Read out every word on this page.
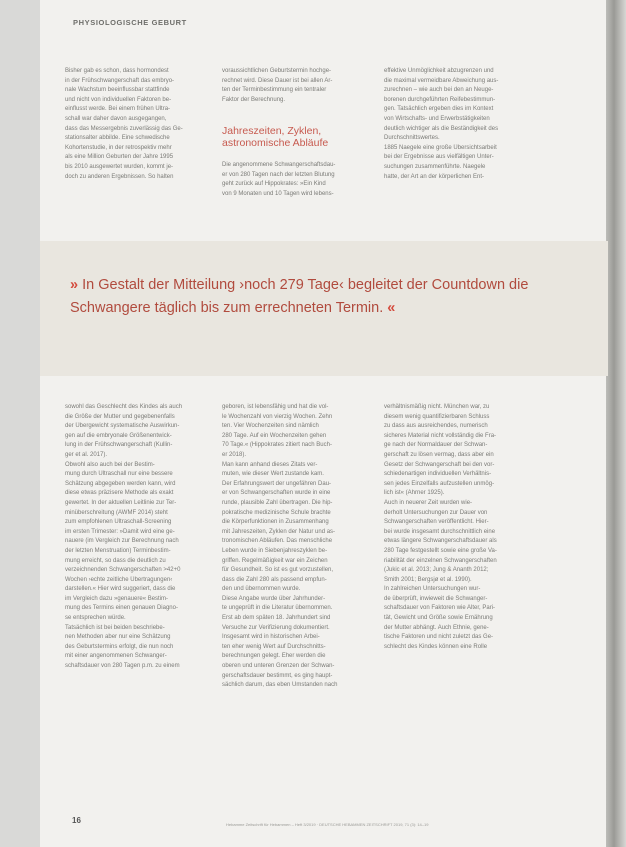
PHYSIOLOGISCHE GEBURT
Bisher gab es schon, dass hormondest
in der Frühschwangerschaft das embryo-
nale Wachstum beeinflussbar stattfinde
und nicht von individuellen Faktoren be-
einflusst werde. Bei einem frühen Ultra-
schall war daher davon ausgegangen,
dass das Messergebnis zuverlässig das Ge-
stationsalter abbilde. Eine schwedische
Kohortenstudie, in der retrospektiv mehr
als eine Million Geburten der Jahre 1995
bis 2010 ausgewertet wurden, kommt je-
doch zu anderen Ergebnissen. So halten
voraussichtlichen Geburtstermin hochge-
rechnet wird. Diese Dauer ist bei allen Ar-
ten der Terminbestimmung ein tentraler
Faktor der Berechnung.
Jahreszeiten, Zyklen, astronomische Abläufe
Die angenommene Schwangerschaftsdau-
er von 280 Tagen nach der letzten Blutung
geht zurück auf Hippokrates: »Ein Kind
von 9 Monaten und 10 Tagen wird lebens-
effektive Unmöglichkeit abzugrenzen und
die maximal vermeidbare Abweichung aus-
zurechnen – wie auch bei den an Neuge-
borenen durchgeführten Reifebestimmun-
gen. Tatsächlich ergeben dies im Kontext
von Wirtschafts- und Erwerbstätigkeiten
deutlich wichtiger als die Beständigkeit des
Durchschnittswertes.
1885 Naegele eine große Übersichtsarbeit
bei der Ergebnisse aus vielfältigen Unter-
suchungen zusammenführte. Naegele
hatte, der Art an der körperlichen Ent-
» In Gestalt der Mitteilung ›noch 279 Tage‹ begleitet der Countdown die Schwangere täglich bis zum errechneten Termin. «
sowohl das Geschlecht des Kindes als auch
die Größe der Mutter und gegebenenfalls
der Übergewicht systematische Auswirkun-
gen auf die embryonale Größenentwick-
lung in der Frühschwangerschaft (Kullin-
ger et al. 2017).
Obwohl also auch bei der Bestim-
mung durch Ultraschall nur eine bessere
Schätzung abgegeben werden kann, wird
diese etwas präzisere Methode als exakt
gewertet. In der aktuellen Leitlinie zur Ter-
minüberschreitung (AWMF 2014) steht
zum empfohlenen Ultraschall-Screening
im ersten Trimester: »Damit wird eine ge-
nauere (im Vergleich zur Berechnung nach
der letzten Menstruation) Terminbestim-
mung erreicht, so dass die deutlich zu
verzeichnenden Schwangerschaften >42+0
Wochen ›echte zeitliche Übertragungen‹
darstellen.« Hier wird suggeriert, dass die
im Vergleich dazu »genauere« Bestim-
mung des Termins einen genauen Diagno-
se entsprechen würde.
Tatsächlich ist bei beiden beschriebe-
nen Methoden aber nur eine Schätzung
des Geburtstermins erfolgt, die nun noch
mit einer angenommenen Schwanger-
schaftsdauer von 280 Tagen p.m. zu einem
geboren, ist lebensfähig und hat die vol-
le Wochenzahl von vierzig Wochen. Zehn
ten. Vier Wochenzeiten sind nämlich
280 Tage. Auf ein Wochenzeiten gehen
70 Tage.« (Hippokrates zitiert nach Buch-
er 2018).
Man kann anhand dieses Zitats ver-
muten, wie dieser Wert zustande kam.
Der Erfahrungswert der ungefähren Dau-
er von Schwangerschaften wurde in eine
runde, plausible Zahl übertragen. Die hip-
pokratische medizinische Schule brachte
die Körperfunktionen in Zusammenhang
mit Jahreszeiten, Zyklen der Natur und as-
tronomischen Abläufen. Das menschliche
Leben wurde in Siebenjahreszyklen be-
griffen. Regelmäßigkeit war ein Zeichen
für Gesundheit. So ist es gut vorzustellen,
dass die Zahl 280 als passend empfun-
den und übernommen wurde.
Diese Angabe wurde über Jahrhunder-
te ungeprüft in die Literatur übernommen.
Erst ab dem späten 18. Jahrhundert sind
Versuche zur Verifizierung dokumentiert.
Insgesamt wird in historischen Arbei-
ten eher wenig Wert auf Durchschnitts-
berechnungen gelegt. Eher werden die
oberen und unteren Grenzen der Schwan-
gerschaftsdauer bestimmt, es ging haupt-
sächlich darum, das eben Umstanden nach
verhältnismäßig nicht. München war, zu
diesem wenig quantifizierbaren Schluss
zu dass aus ausreichendes, numerisch
sicheres Material nicht vollständig die Fra-
ge nach der Normaldauer der Schwan-
gerschaft zu lösen vermag, dass aber ein
Gesetz der Schwangerschaft bei den vor-
schiedenartigen individuellen Verhältnis-
sen jedes Einzelfalls aufzustellen unmög-
lich ist« (Ahrner 1925).
Auch in neuerer Zeit wurden wie-
derholt Untersuchungen zur Dauer von
Schwangerschaften veröffentlicht. Hier-
bei wurde insgesamt durchschnittlich eine
etwas längere Schwangerschaftsdauer als
280 Tage festgestellt sowie eine große Va-
riabilität der einzelnen Schwangerschaften
(Jukic et al. 2013; Jung & Ananth 2012;
Smith 2001; Bergsjø et al. 1990).
In zahlreichen Untersuchungen wur-
de überprüft, inwieweit die Schwanger-
schaftsdauer von Faktoren wie Alter, Pari-
tät, Gewicht und Größe sowie Ernährung
der Mutter abhängt. Auch Ethnie, gene-
tische Faktoren und nicht zuletzt das Ge-
schlecht des Kindes können eine Rolle
16	Hebamme Zeitschrift für Hebammen – Heft 3/2019 · DEUTSCHE HEBAMMEN ZEITSCHRIFT 2019, 71 (3): 14–19
